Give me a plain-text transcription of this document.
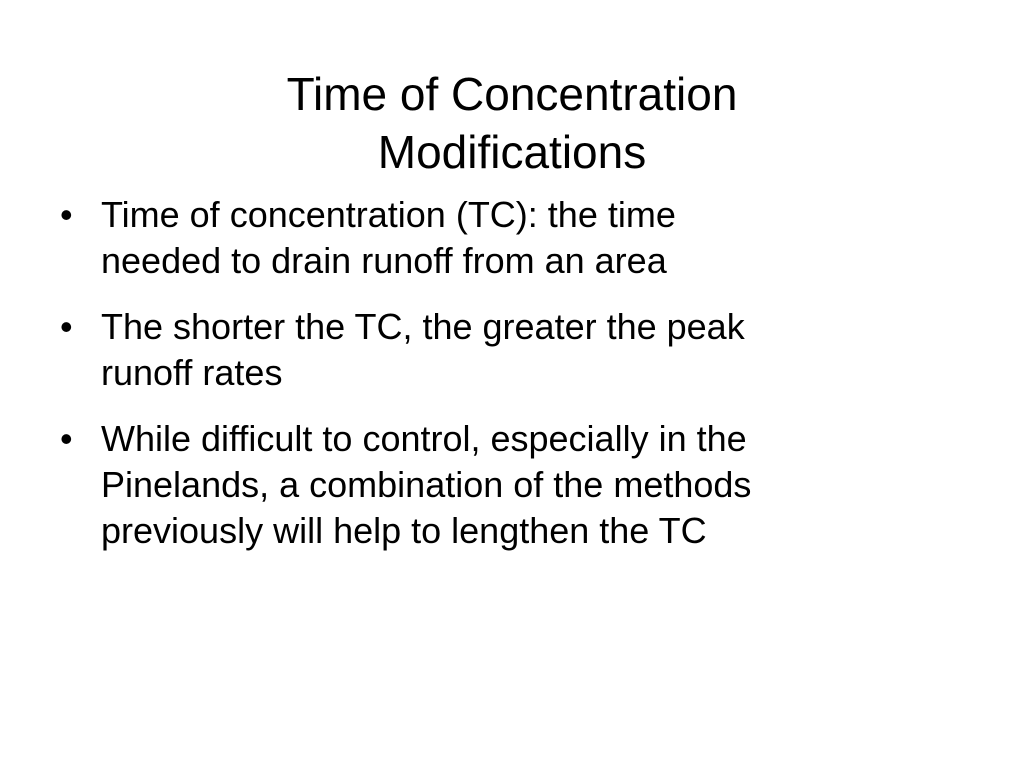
Time of Concentration
Modifications
• Time of concentration (TC): the time
needed to drain runoff from an area
• The shorter the TC, the greater the peak
runoff rates
• While difficult to control, especially in the
Pinelands, a combination of the methods
previously will help to lengthen the TC
